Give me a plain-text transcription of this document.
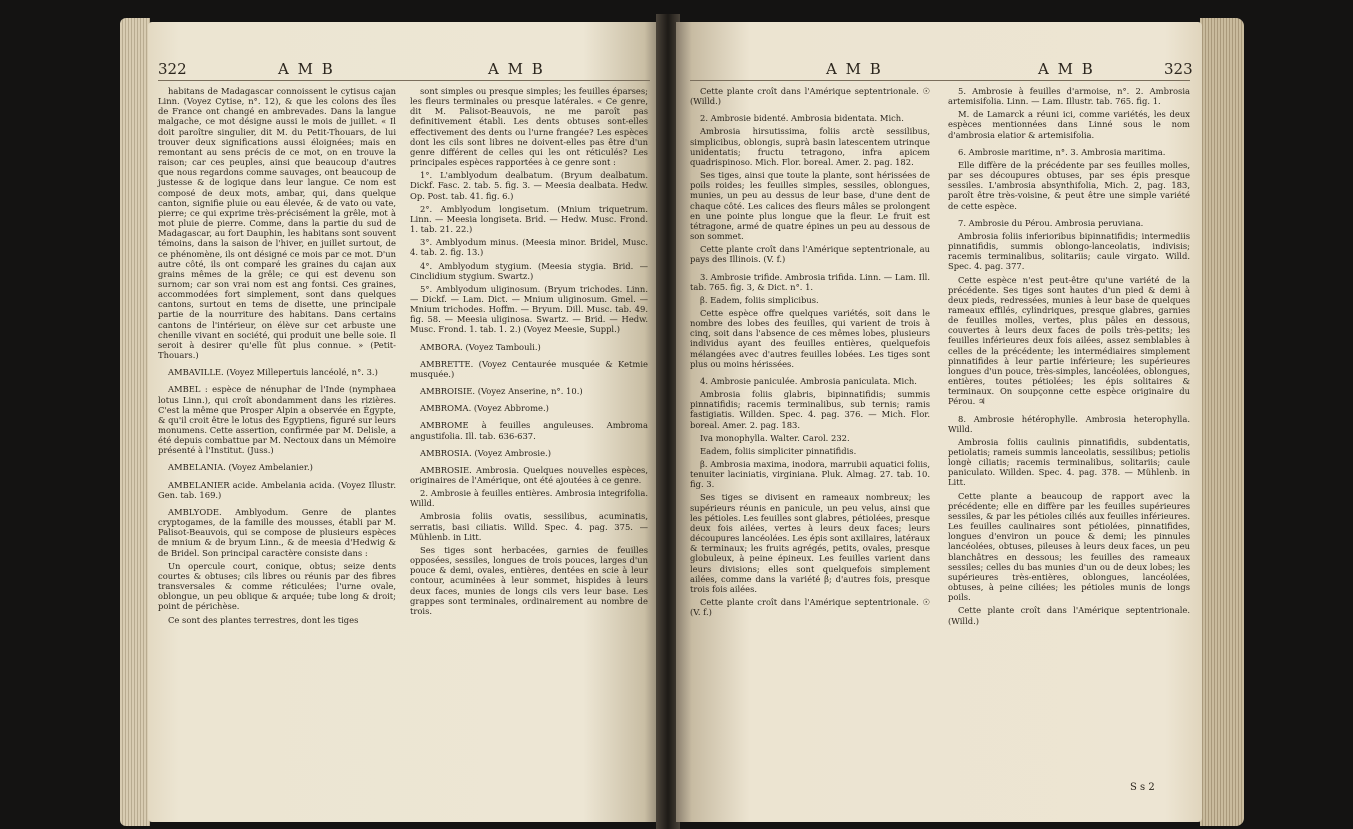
322	A M B	A M B

habitans de Madagascar connoissent le cytisus cajan Linn. (Voyez Cytise, n°. 12), & que les colons des îles de France ont changé en ambrevades. Dans la langue malgache, ce mot désigne aussi le mois de juillet. « Il doit paroître singulier, dit M. du Petit-Thouars, de lui trouver deux significations aussi éloignées; mais en remontant au sens précis de ce mot, on en trouve la raison; car ces peuples, ainsi que beaucoup d'autres que nous regardons comme sauvages, ont beaucoup de justesse & de logique dans leur langue. Ce nom est composé de deux mots, ambar, qui, dans quelque canton, signifie pluie ou eau élevée, & de vato ou vate, pierre; ce qui exprime très-précisément la grêle, mot à mot pluie de pierre. Comme, dans la partie du sud de Madagascar, au fort Dauphin, les habitans sont souvent témoins, dans la saison de l'hiver, en juillet surtout, de ce phénomène, ils ont désigné ce mois par ce mot. D'un autre côté, ils ont comparé les graines du cajan aux grains mêmes de la grêle; ce qui est devenu son surnom; car son vrai nom est ang fontsi. Ces graines, accommodées fort simplement, sont dans quelques cantons, surtout en tems de disette, une principale partie de la nourriture des habitans. Dans certains cantons de l'intérieur, on élève sur cet arbuste une chenille vivant en société, qui produit une belle soie. Il seroit à desirer qu'elle fût plus connue. » (Petit-Thouars.)

AMBAVILLE. (Voyez Millepertuis lancéolé, n°. 3.)

AMBEL : espèce de nénuphar de l'Inde (nymphaea lotus Linn.), qui croît abondamment dans les rizières. C'est la même que Prosper Alpin a observée en Égypte, & qu'il croit être le lotus des Egyptiens, figuré sur leurs monumens. Cette assertion, confirmée par M. Delisle, a été depuis combattue par M. Nectoux dans un Mémoire présenté à l'Institut. (Juss.)

AMBELANIA. (Voyez Ambelanier.)

AMBELANIER acide. Ambelania acida. (Voyez Illustr. Gen. tab. 169.)

AMBLYODE. Amblyodum. Genre de plantes cryptogames, de la famille des mousses, établi par M. Palisot-Beauvois, qui se compose de plusieurs espèces de mnium & de bryum Linn., & de meesia d'Hedwig & de Bridel. Son principal caractère consiste dans :

Un opercule court, conique, obtus; seize dents courtes & obtuses; cils libres ou réunis par des fibres transversales & comme réticulées; l'urne ovale, oblongue, un peu oblique & arquée; tube long & droit; point de périchèse.

Ce sont des plantes terrestres, dont les tiges

sont simples ou presque simples; les feuilles éparses; les fleurs terminales ou presque latérales. « Ce genre, dit M. Palisot-Beauvois, ne me paroît pas definitivement établi. Les dents obtuses sont-elles effectivement des dents ou l'urne frangée? Les espèces dont les cils sont libres ne doivent-elles pas être d'un genre différent de celles qui les ont réticulés? Les principales espèces rapportées à ce genre sont :

1°. L'amblyodum dealbatum. (Bryum dealbatum. Dickf. Fasc. 2. tab. 5. fig. 3. — Meesia dealbata. Hedw. Op. Post. tab. 41. fig. 6.)

2°. Amblyodum longisetum. (Mnium triquetrum. Linn. — Meesia longiseta. Brid. — Hedw. Musc. Frond. 1. tab. 21. 22.)

3°. Amblyodum minus. (Meesia minor. Bridel, Musc. 4. tab. 2. fig. 13.)

4°. Amblyodum stygium. (Meesia stygia. Brid. — Cinclidium stygium. Swartz.)

5°. Amblyodum uliginosum. (Bryum trichodes. Linn. — Dickf. — Lam. Dict. — Mnium uliginosum. Gmel. — Mnium trichodes. Hoffm. — Bryum. Dill. Musc. tab. 49. fig. 58. — Meesia uliginosa. Swartz. — Brid. — Hedw. Musc. Frond. 1. tab. 1. 2.) (Voyez Meesie, Suppl.)

AMBORA. (Voyez Tambouli.)

AMBRETTE. (Voyez Centaurée musquée & Ketmie musquée.)

AMBROISIE. (Voyez Anserine, n°. 10.)

AMBROMA. (Voyez Abbrome.)

AMBROME à feuilles anguleuses. Ambroma angustifolia. Ill. tab. 636-637.

AMBROSIA. (Voyez Ambrosie.)

AMBROSIE. Ambrosia. Quelques nouvelles espèces, originaires de l'Amérique, ont été ajoutées à ce genre.

2. Ambrosie à feuilles entières. Ambrosia integrifolia. Willd.

Ambrosia foliis ovatis, sessilibus, acuminatis, serratis, basi ciliatis. Willd. Spec. 4. pag. 375. — Mühlenb. in Litt.

Ses tiges sont herbacées, garnies de feuilles opposées, sessiles, longues de trois pouces, larges d'un pouce & demi, ovales, entières, dentées en scie à leur contour, acuminées à leur sommet, hispides à leurs deux faces, munies de longs cils vers leur base. Les grappes sont terminales, ordinairement au nombre de trois.

A M B	A M B	323

Cette plante croît dans l'Amérique septentrionale. ☉ (Willd.)

2. Ambrosie bidenté. Ambrosia bidentata. Mich.

Ambrosia hirsutissima, foliis arctè sessilibus, simplicibus, oblongis, suprà basin latescentem utrinque unidentatis; fructu tetragono, infra apicem quadrispinoso. Mich. Flor. boreal. Amer. 2. pag. 182.

Ses tiges, ainsi que toute la plante, sont hérissées de poils roides; les feuilles simples, sessiles, oblongues, munies, un peu au dessus de leur base, d'une dent de chaque côté. Les calices des fleurs mâles se prolongent en une pointe plus longue que la fleur. Le fruit est tétragone, armé de quatre épines un peu au dessous de son sommet.

Cette plante croît dans l'Amérique septentrionale, au pays des Illinois. (V. f.)

3. Ambrosie trifide. Ambrosia trifida. Linn. — Lam. Ill. tab. 765. fig. 3, & Dict. n°. 1.

β. Eadem, foliis simplicibus.

Cette espèce offre quelques variétés, soit dans le nombre des lobes des feuilles, qui varient de trois à cinq, soit dans l'absence de ces mêmes lobes, plusieurs individus ayant des feuilles entières, quelquefois mélangées avec d'autres feuilles lobées. Les tiges sont plus ou moins hérissées.

4. Ambrosie paniculée. Ambrosia paniculata. Mich.

Ambrosia foliis glabris, bipinnatifidis; summis pinnatifidis; racemis terminalibus, sub ternis; ramis fastigiatis. Willden. Spec. 4. pag. 376. — Mich. Flor. boreal. Amer. 2. pag. 183.

Iva monophylla. Walter. Carol. 232.

Eadem, foliis simpliciter pinnatifidis.

β. Ambrosia maxima, inodora, marrubii aquatici foliis, tenuiter laciniatis, virginiana. Pluk. Almag. 27. tab. 10. fig. 3.

Ses tiges se divisent en rameaux nombreux; les supérieurs réunis en panicule, un peu velus, ainsi que les pétioles. Les feuilles sont glabres, pétiolées, presque deux fois ailées, vertes à leurs deux faces; leurs découpures lancéolées. Les épis sont axillaires, latéraux & terminaux; les fruits agrégés, petits, ovales, presque globuleux, à peine épineux. Les feuilles varient dans leurs divisions; elles sont quelquefois simplement ailées, comme dans la variété β; d'autres fois, presque trois fois ailées.

Cette plante croît dans l'Amérique septentrionale. ☉ (V. f.)

5. Ambrosie à feuilles d'armoise, n°. 2. Ambrosia artemisifolia. Linn. — Lam. Illustr. tab. 765. fig. 1.

M. de Lamarck a réuni ici, comme variétés, les deux espèces mentionnées dans Linné sous le nom d'ambrosia elatior & artemisifolia.

6. Ambrosie maritime, n°. 3. Ambrosia maritima.

Elle diffère de la précédente par ses feuilles molles, par ses découpures obtuses, par ses épis presque sessiles. L'ambrosia absynthifolia, Mich. 2, pag. 183, paroît être très-voisine, & peut être une simple variété de cette espèce.

7. Ambrosie du Pérou. Ambrosia peruviana.

Ambrosia foliis inferioribus bipinnatifidis; intermediis pinnatifidis, summis oblongo-lanceolatis, indivisis; racemis terminalibus, solitariis; caule virgato. Willd. Spec. 4. pag. 377.

Cette espèce n'est peut-être qu'une variété de la précédente. Ses tiges sont hautes d'un pied & demi à deux pieds, redressées, munies à leur base de quelques rameaux effilés, cylindriques, presque glabres, garnies de feuilles molles, vertes, plus pâles en dessous, couvertes à leurs deux faces de poils très-petits; les feuilles inférieures deux fois ailées, assez semblables à celles de la précédente; les intermédiaires simplement pinnatifides à leur partie inférieure; les supérieures longues d'un pouce, très-simples, lancéolées, oblongues, entières, toutes pétiolées; les épis solitaires & terminaux. On soupçonne cette espèce originaire du Pérou. ♃

8. Ambrosie hétérophylle. Ambrosia heterophylla. Willd.

Ambrosia foliis caulinis pinnatifidis, subdentatis, petiolatis; rameis summis lanceolatis, sessilibus; petiolis longè ciliatis; racemis terminalibus, solitariis; caule paniculato. Willden. Spec. 4. pag. 378. — Mühlenb. in Litt.

Cette plante a beaucoup de rapport avec la précédente; elle en diffère par les feuilles supérieures sessiles, & par les pétioles ciliés aux feuilles inférieures. Les feuilles caulinaires sont pétiolées, pinnatifides, longues d'environ un pouce & demi; les pinnules lancéolées, obtuses, pileuses à leurs deux faces, un peu blanchâtres en dessous; les feuilles des rameaux sessiles; celles du bas munies d'un ou de deux lobes; les supérieures très-entières, oblongues, lancéolées, obtuses, à peine ciliées; les pétioles munis de longs poils.

Cette plante croît dans l'Amérique septentrionale. (Willd.)

S s 2
